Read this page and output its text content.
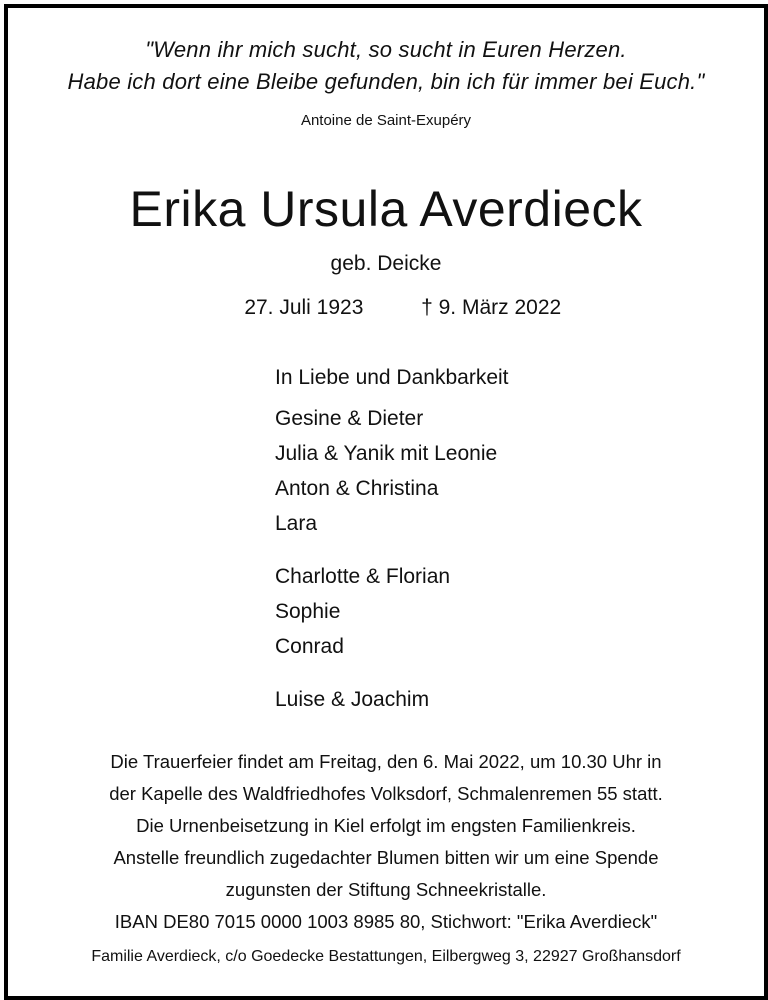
"Wenn ihr mich sucht, so sucht in Euren Herzen.
Habe ich dort eine Bleibe gefunden, bin ich für immer bei Euch."
Antoine de Saint-Exupéry
Erika Ursula Averdieck
geb. Deicke
27. Juli 1923	† 9. März 2022
In Liebe und Dankbarkeit
Gesine & Dieter
Julia & Yanik mit Leonie
Anton & Christina
Lara
Charlotte & Florian
Sophie
Conrad
Luise & Joachim
Die Trauerfeier findet am Freitag, den 6. Mai 2022, um 10.30 Uhr in
der Kapelle des Waldfriedhofes Volksdorf, Schmalenremen 55 statt.
Die Urnenbeisetzung in Kiel erfolgt im engsten Familienkreis.
Anstelle freundlich zugedachter Blumen bitten wir um eine Spende
zugunsten der Stiftung Schneekristalle.
IBAN DE80 7015 0000 1003 8985 80, Stichwort: "Erika Averdieck"
Familie Averdieck, c/o Goedecke Bestattungen, Eilbergweg 3, 22927 Großhansdorf
